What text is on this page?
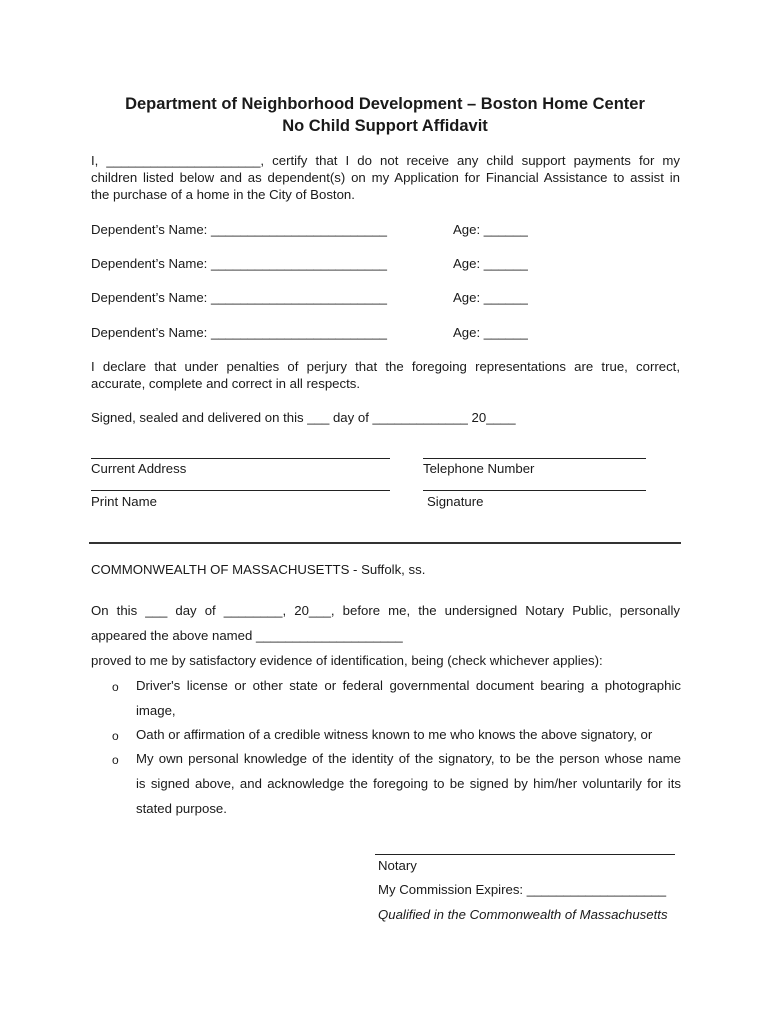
Department of Neighborhood Development – Boston Home Center
No Child Support Affidavit
I, _____________________, certify that I do not receive any child support payments for my
children listed below and as dependent(s) on my Application for Financial Assistance to assist in
the purchase of a home in the City of Boston.
Dependent’s Name: ________________________	Age: ______
Dependent’s Name: ________________________	Age: ______
Dependent’s Name: ________________________	Age: ______
Dependent’s Name: ________________________	Age: ______
I declare that under penalties of perjury that the foregoing representations are true, correct,
accurate, complete and correct in all respects.
Signed, sealed and delivered on this ___ day of _____________ 20____
Current Address	Telephone Number
Print Name	Signature
COMMONWEALTH OF MASSACHUSETTS - Suffolk, ss.
On this ___ day of ________, 20___, before me, the undersigned Notary Public, personally
appeared the above named ____________________
proved to me by satisfactory evidence of identification, being (check whichever applies):
o Driver's license or other state or federal governmental document bearing a photographic
image,
o Oath or affirmation of a credible witness known to me who knows the above signatory, or
o My own personal knowledge of the identity of the signatory, to be the person whose name
is signed above, and acknowledge the foregoing to be signed by him/her voluntarily for its
stated purpose.
Notary
My Commission Expires: ___________________
Qualified in the Commonwealth of Massachusetts
